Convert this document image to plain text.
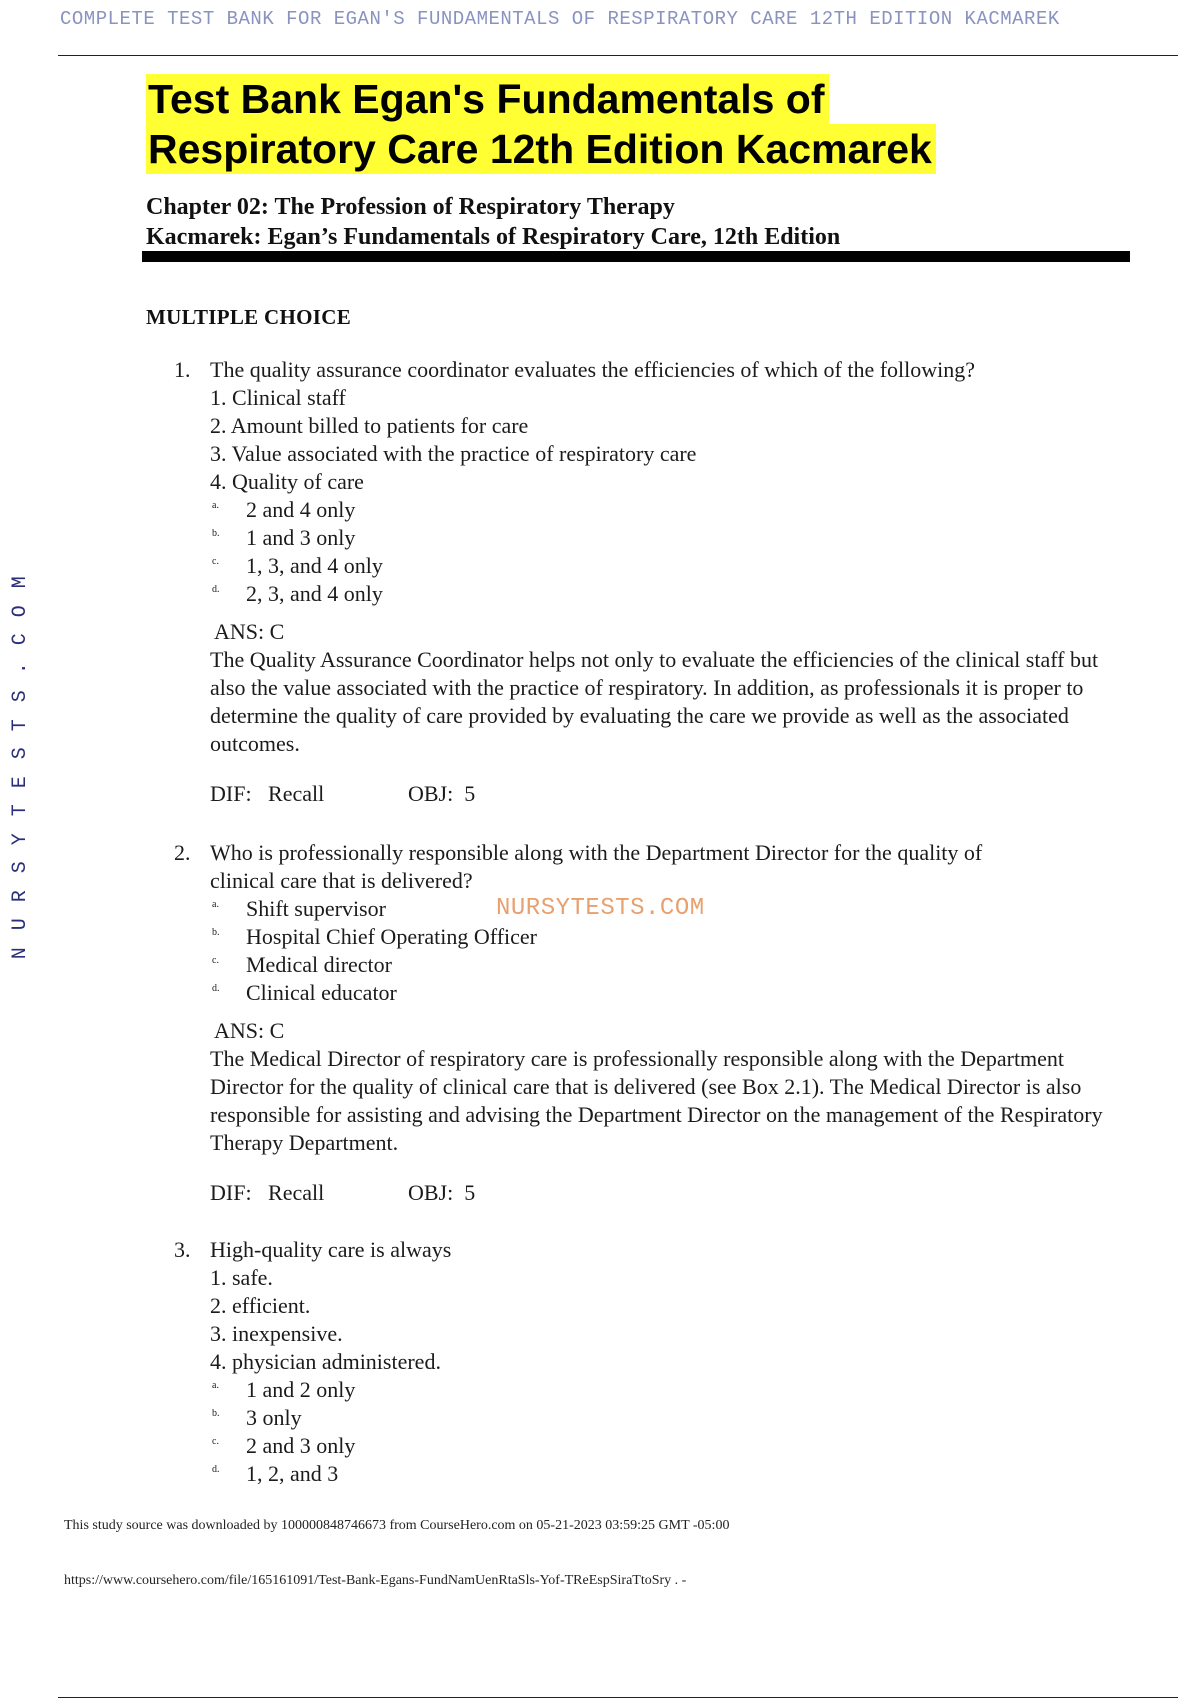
COMPLETE TEST BANK FOR EGAN'S FUNDAMENTALS OF RESPIRATORY CARE 12TH EDITION KACMAREK
M
O
C
.
S
T
S
E
T
Y
S
R
U
N
Test Bank Egan's Fundamentals of
Respiratory Care 12th Edition Kacmarek
Chapter 02: The Profession of Respiratory Therapy
Kacmarek: Egan’s Fundamentals of Respiratory Care, 12th Edition
MULTIPLE CHOICE
1. The quality assurance coordinator evaluates the efficiencies of which of the following?
1. Clinical staff
2. Amount billed to patients for care
3. Value associated with the practice of respiratory care
4. Quality of care
a. 2 and 4 only
b. 1 and 3 only
c. 1, 3, and 4 only
d. 2, 3, and 4 only
ANS: C
The Quality Assurance Coordinator helps not only to evaluate the efficiencies of the clinical staff but also the value associated with the practice of respiratory. In addition, as professionals it is proper to determine the quality of care provided by evaluating the care we provide as well as the associated outcomes.
DIF:   Recall	OBJ:  5
2. Who is professionally responsible along with the Department Director for the quality of clinical care that is delivered?
a. Shift supervisor
b. Hospital Chief Operating Officer
c. Medical director
d. Clinical educator
ANS: C
The Medical Director of respiratory care is professionally responsible along with the Department Director for the quality of clinical care that is delivered (see Box 2.1). The Medical Director is also responsible for assisting and advising the Department Director on the management of the Respiratory Therapy Department.
DIF:   Recall	OBJ:  5
NURSYTESTS.COM
3. High-quality care is always
1. safe.
2. efficient.
3. inexpensive.
4. physician administered.
a. 1 and 2 only
b. 3 only
c. 2 and 3 only
d. 1, 2, and 3
This study source was downloaded by 100000848746673 from CourseHero.com on 05-21-2023 03:59:25 GMT -05:00
https://www.coursehero.com/file/165161091/Test-Bank-Egans-FundNamUenRtaSls-Yof-TReEspSiraTtoSry . -
